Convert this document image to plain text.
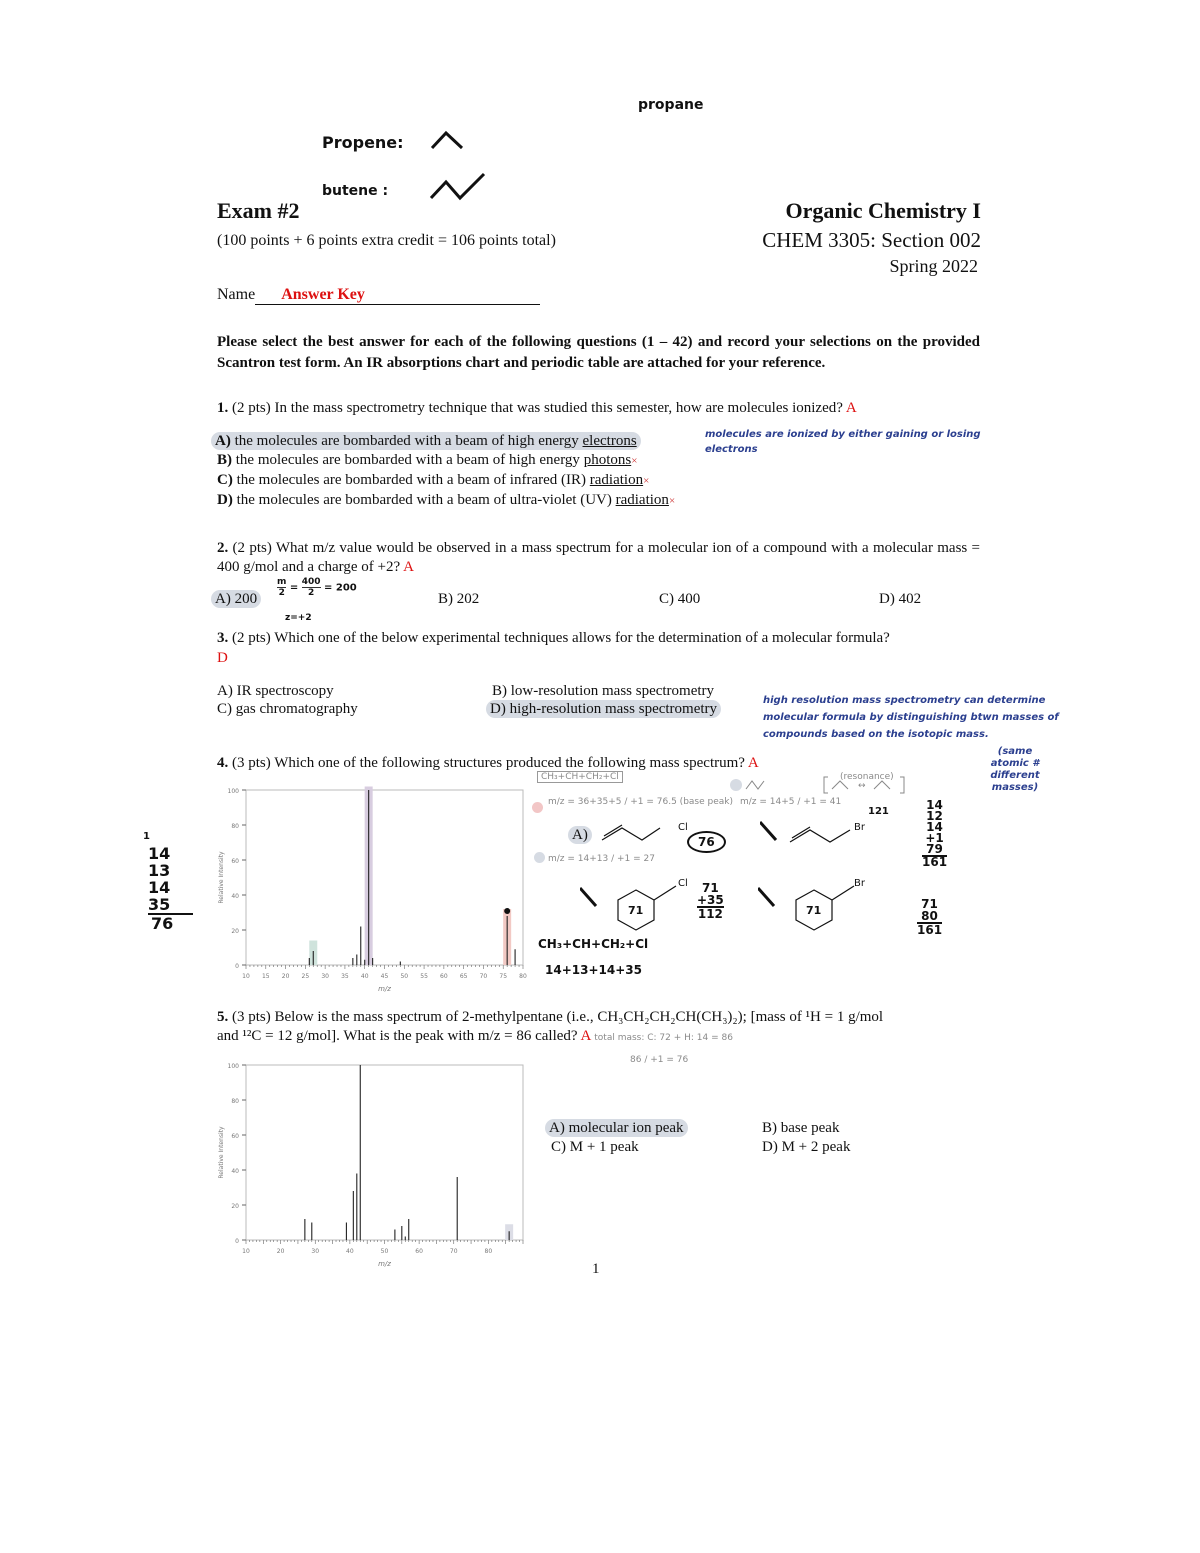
propane
Propene:
butene :
Exam #2
(100 points + 6 points extra credit = 106 points total)
Organic Chemistry I
CHEM 3305: Section 002
Spring 2022
Name Answer Key
Please select the best answer for each of the following questions (1 – 42) and record your selections on the provided Scantron test form. An IR absorptions chart and periodic table are attached for your reference.
1. (2 pts) In the mass spectrometry technique that was studied this semester, how are molecules ionized? A
A) the molecules are bombarded with a beam of high energy electrons
B) the molecules are bombarded with a beam of high energy photons×
C) the molecules are bombarded with a beam of infrared (IR) radiation×
D) the molecules are bombarded with a beam of ultra-violet (UV) radiation×
molecules are ionized by either gaining or losing electrons
2. (2 pts) What m/z value would be observed in a mass spectrum for a molecular ion of a compound with a molecular mass = 400 g/mol and a charge of +2? A
A) 200
$\frac{m}{2} = \frac{400}{2} = 200$
z=+2
B) 202	C) 400	D) 402
3. (2 pts) Which one of the below experimental techniques allows for the determination of a molecular formula?
D
A) IR spectroscopy
C) gas chromatography
B) low-resolution mass spectrometry
D) high-resolution mass spectrometry
high resolution mass spectrometry can determine molecular formula by distinguishing btwn masses of compounds based on the isotopic mass.
(same atomic # different masses)
4. (3 pts) Which one of the following structures produced the following mass spectrum? A
0
20
40
60
80
100
10 15 20 25 30 35 40 45 50 55 60 65 70 75 80
m/z
Relative Intensity
1
14
13
14
35
76
CH₃+CH+CH₂+Cl
m/z = 36+35+5 / +1 = 76.5 (base peak) m/z = 14+5 / +1 = 41
(resonance)
↔
A)	Cl
76
m/z = 14+13 / +1 = 27
Br
121	14
12
14
+1
79
161
Cl
71
71
+35
112
Br
71	71
80
161
CH₃+CH+CH₂+Cl
14+13+14+35
5. (3 pts) Below is the mass spectrum of 2-methylpentane (i.e., CH₃CH₂CH₂CH(CH₃)₂); [mass of ¹H = 1 g/mol
and ¹²C = 12 g/mol]. What is the peak with m/z = 86 called? A total mass: C: 72 + H: 14 = 86
86 / +1 = 76
0
20
40
60
80
100
10	20	30	40	50	60	70	80
m/z
Relative Intensity	A) molecular ion peak
C) M + 1 peak
B) base peak
D) M + 2 peak
1
